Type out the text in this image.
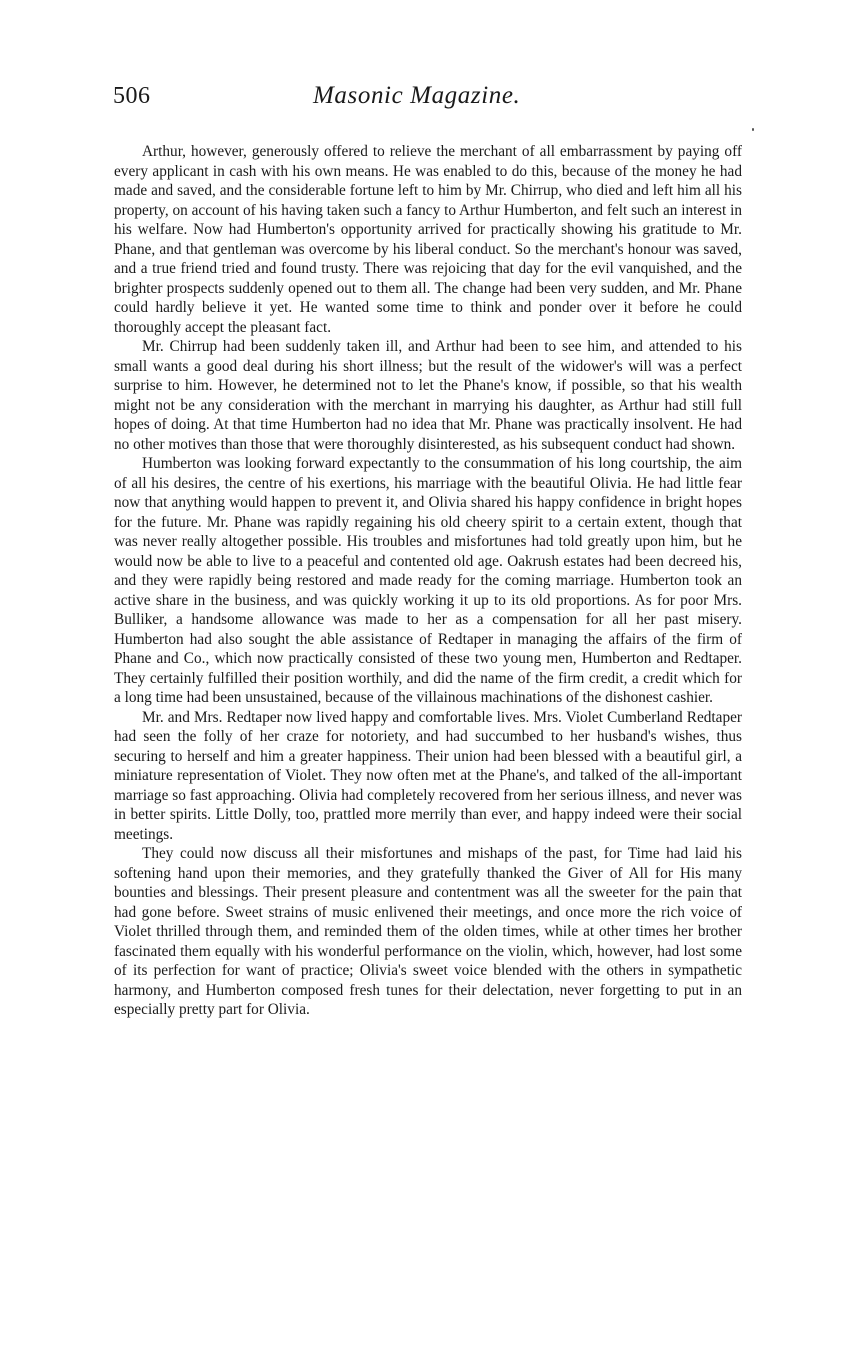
506	Masonic Magazine.

Arthur, however, generously offered to relieve the merchant of all embarrassment by paying off every applicant in cash with his own means. He was enabled to do this, because of the money he had made and saved, and the considerable fortune left to him by Mr. Chirrup, who died and left him all his property, on account of his having taken such a fancy to Arthur Humberton, and felt such an interest in his welfare. Now had Humberton's opportunity arrived for practically showing his gratitude to Mr. Phane, and that gentleman was overcome by his liberal conduct. So the merchant's honour was saved, and a true friend tried and found trusty. There was rejoicing that day for the evil vanquished, and the brighter prospects suddenly opened out to them all. The change had been very sudden, and Mr. Phane could hardly believe it yet. He wanted some time to think and ponder over it before he could thoroughly accept the pleasant fact.

Mr. Chirrup had been suddenly taken ill, and Arthur had been to see him, and attended to his small wants a good deal during his short illness; but the result of the widower's will was a perfect surprise to him. However, he determined not to let the Phane's know, if possible, so that his wealth might not be any consideration with the merchant in marrying his daughter, as Arthur had still full hopes of doing. At that time Humberton had no idea that Mr. Phane was practically insolvent. He had no other motives than those that were thoroughly disinterested, as his subsequent conduct had shown.

Humberton was looking forward expectantly to the consummation of his long courtship, the aim of all his desires, the centre of his exertions, his marriage with the beautiful Olivia. He had little fear now that anything would happen to prevent it, and Olivia shared his happy confidence in bright hopes for the future. Mr. Phane was rapidly regaining his old cheery spirit to a certain extent, though that was never really altogether possible. His troubles and misfortunes had told greatly upon him, but he would now be able to live to a peaceful and contented old age. Oakrush estates had been decreed his, and they were rapidly being restored and made ready for the coming marriage. Humberton took an active share in the business, and was quickly working it up to its old proportions. As for poor Mrs. Bulliker, a handsome allowance was made to her as a compensation for all her past misery. Humberton had also sought the able assistance of Redtaper in managing the affairs of the firm of Phane and Co., which now practically consisted of these two young men, Humberton and Redtaper. They certainly fulfilled their position worthily, and did the name of the firm credit, a credit which for a long time had been unsustained, because of the villainous machinations of the dishonest cashier.

Mr. and Mrs. Redtaper now lived happy and comfortable lives. Mrs. Violet Cumberland Redtaper had seen the folly of her craze for notoriety, and had succumbed to her husband's wishes, thus securing to herself and him a greater happiness. Their union had been blessed with a beautiful girl, a miniature representation of Violet. They now often met at the Phane's, and talked of the all-important marriage so fast approaching. Olivia had completely recovered from her serious illness, and never was in better spirits. Little Dolly, too, prattled more merrily than ever, and happy indeed were their social meetings.

They could now discuss all their misfortunes and mishaps of the past, for Time had laid his softening hand upon their memories, and they gratefully thanked the Giver of All for His many bounties and blessings. Their present pleasure and contentment was all the sweeter for the pain that had gone before. Sweet strains of music enlivened their meetings, and once more the rich voice of Violet thrilled through them, and reminded them of the olden times, while at other times her brother fascinated them equally with his wonderful performance on the violin, which, however, had lost some of its perfection for want of practice; Olivia's sweet voice blended with the others in sympathetic harmony, and Humberton composed fresh tunes for their delectation, never forgetting to put in an especially pretty part for Olivia.
